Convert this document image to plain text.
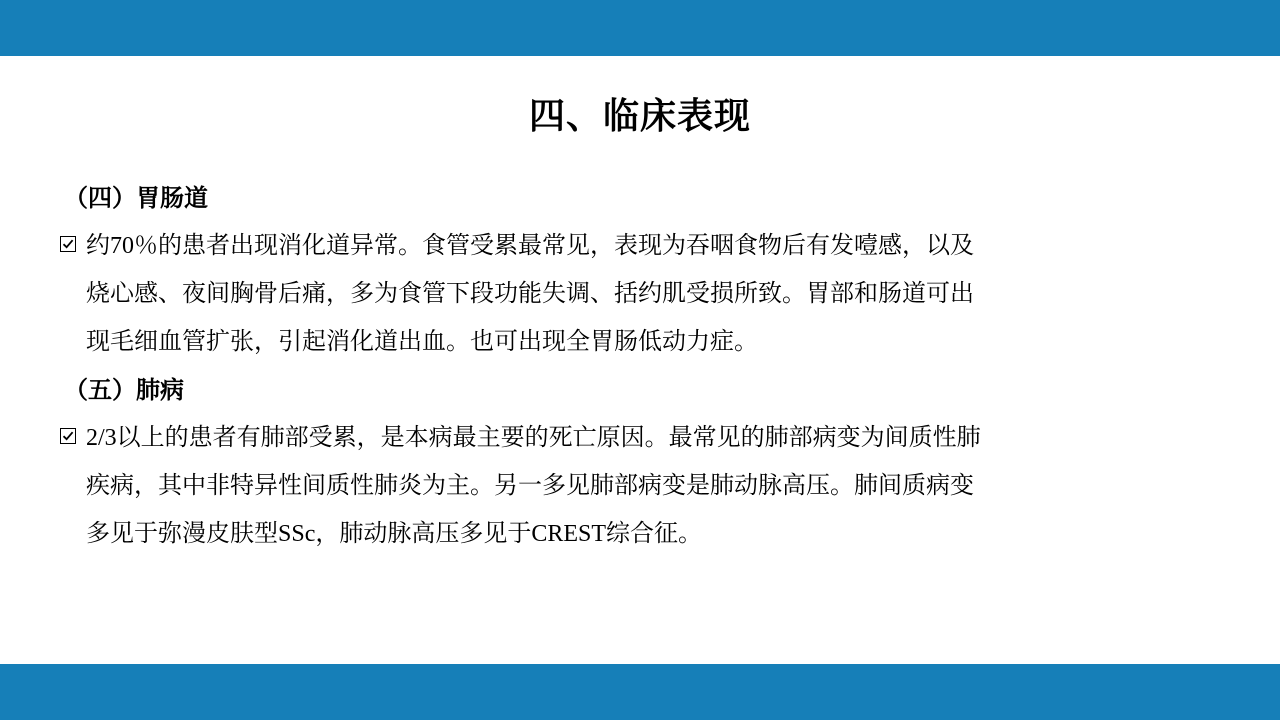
四、临床表现
（四）胃肠道
约70％的患者出现消化道异常。食管受累最常见，表现为吞咽食物后有发噎感，以及
烧心感、夜间胸骨后痛，多为食管下段功能失调、括约肌受损所致。胃部和肠道可出
现毛细血管扩张，引起消化道出血。也可出现全胃肠低动力症。
（五）肺病
2/3以上的患者有肺部受累，是本病最主要的死亡原因。最常见的肺部病变为间质性肺
疾病，其中非特异性间质性肺炎为主。另一多见肺部病变是肺动脉高压。肺间质病变
多见于弥漫皮肤型SSc，肺动脉高压多见于CREST综合征。
